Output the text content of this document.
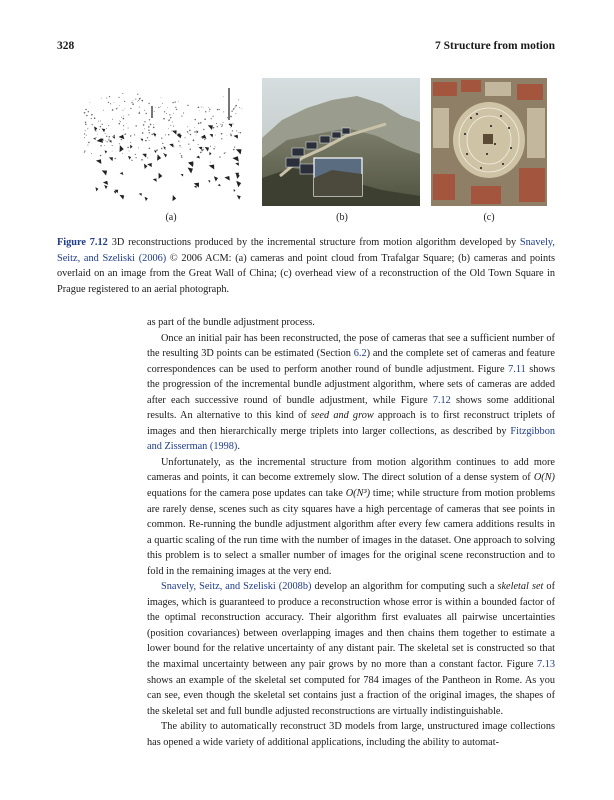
328	7 Structure from motion
(a)	(b)	(c)
Figure 7.12 3D reconstructions produced by the incremental structure from motion algorithm developed by Snavely, Seitz, and Szeliski (2006) © 2006 ACM: (a) cameras and point cloud from Trafalgar Square; (b) cameras and points overlaid on an image from the Great Wall of China; (c) overhead view of a reconstruction of the Old Town Square in Prague registered to an aerial photograph.

as part of the bundle adjustment process.

Once an initial pair has been reconstructed, the pose of cameras that see a sufficient number of the resulting 3D points can be estimated (Section 6.2) and the complete set of cameras and feature correspondences can be used to perform another round of bundle adjustment. Figure 7.11 shows the progression of the incremental bundle adjustment algorithm, where sets of cameras are added after each successive round of bundle adjustment, while Figure 7.12 shows some additional results. An alternative to this kind of seed and grow approach is to first reconstruct triplets of images and then hierarchically merge triplets into larger collections, as described by Fitzgibbon and Zisserman (1998).

Unfortunately, as the incremental structure from motion algorithm continues to add more cameras and points, it can become extremely slow. The direct solution of a dense system of O(N) equations for the camera pose updates can take O(N³) time; while structure from motion problems are rarely dense, scenes such as city squares have a high percentage of cameras that see points in common. Re-running the bundle adjustment algorithm after every few camera additions results in a quartic scaling of the run time with the number of images in the dataset. One approach to solving this problem is to select a smaller number of images for the original scene reconstruction and to fold in the remaining images at the very end.

Snavely, Seitz, and Szeliski (2008b) develop an algorithm for computing such a skeletal set of images, which is guaranteed to produce a reconstruction whose error is within a bounded factor of the optimal reconstruction accuracy. Their algorithm first evaluates all pairwise uncertainties (position covariances) between overlapping images and then chains them together to estimate a lower bound for the relative uncertainty of any distant pair. The skeletal set is constructed so that the maximal uncertainty between any pair grows by no more than a constant factor. Figure 7.13 shows an example of the skeletal set computed for 784 images of the Pantheon in Rome. As you can see, even though the skeletal set contains just a fraction of the original images, the shapes of the skeletal set and full bundle adjusted reconstructions are virtually indistinguishable.

The ability to automatically reconstruct 3D models from large, unstructured image collections has opened a wide variety of additional applications, including the ability to automat-
